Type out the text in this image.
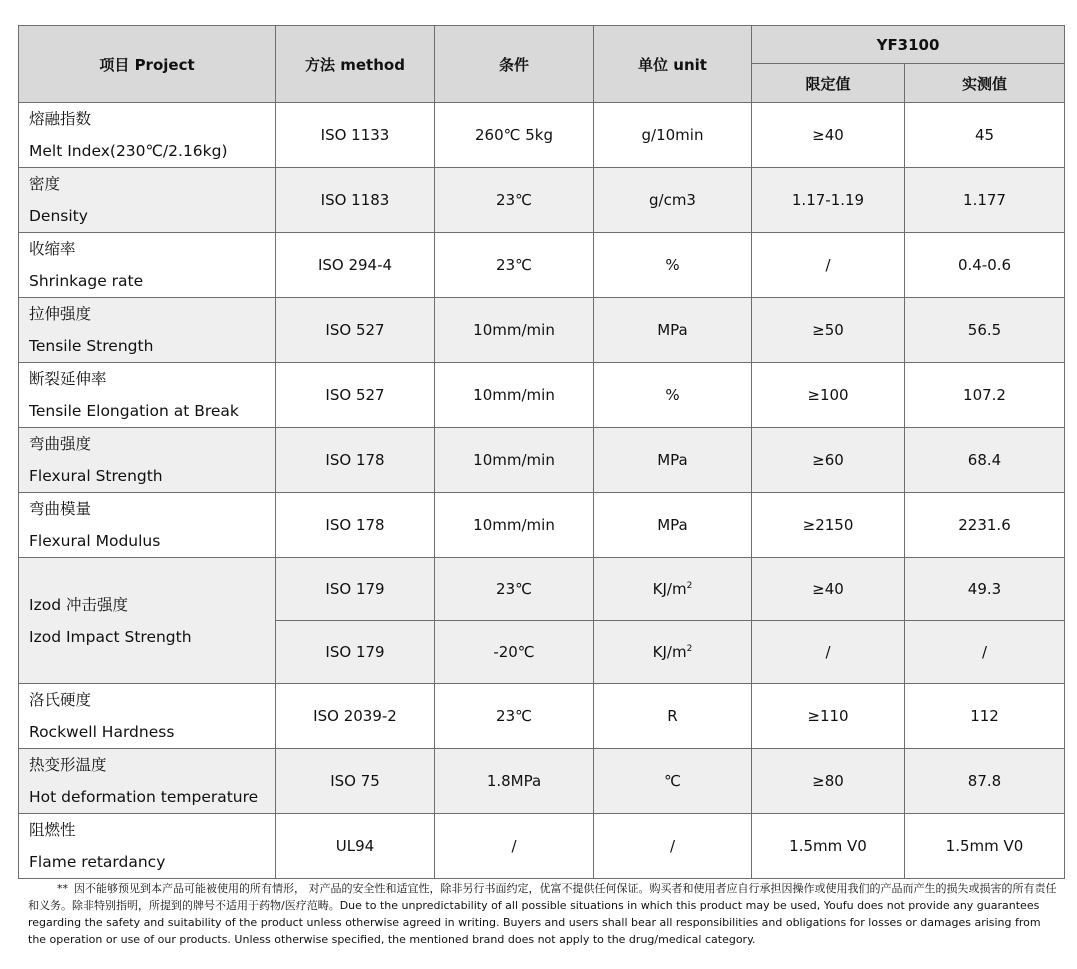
项目 Project	方法 method	条件	单位 unit	YF3100	
				限定值	实测值

熔融指数
Melt Index(230℃/2.16kg)	ISO 1133	260℃ 5kg	g/10min	≥40	45

密度
Density	ISO 1183	23℃	g/cm3	1.17-1.19	1.177

收缩率
Shrinkage rate	ISO 294-4	23℃	%	/	0.4-0.6

拉伸强度
Tensile Strength	ISO 527	10mm/min	MPa	≥50	56.5

断裂延伸率
Tensile Elongation at Break	ISO 527	10mm/min	%	≥100	107.2

弯曲强度
Flexural Strength	ISO 178	10mm/min	MPa	≥60	68.4

弯曲模量
Flexural Modulus	ISO 178	10mm/min	MPa	≥2150	2231.6

Izod 冲击强度
Izod Impact Strength	ISO 179	23℃	$KJ/m^2$	≥40	49.3
	ISO 179	-20℃	$KJ/m^2$	/	/

洛氏硬度
Rockwell Hardness	ISO 2039-2	23℃	R	≥110	112

热变形温度
Hot deformation temperature	ISO 75	1.8MPa	℃	≥80	87.8

阻燃性
Flame retardancy	UL94	/	/	1.5mm V0	1.5mm V0
** 因不能够预见到本产品可能被使用的所有情形， 对产品的安全性和适宜性，除非另行书面约定，优富不提供任何保证。购买者和使用者应自行承担因操作或使用我们的产品而产生的损失或损害的所有责任和义务。除非特别指明，所提到的牌号不适用于药物/医疗范畴。Due to the unpredictability of all possible situations in which this product may be used, Youfu does not provide any guarantees regarding the safety and suitability of the product unless otherwise agreed in writing. Buyers and users shall bear all responsibilities and obligations for losses or damages arising from the operation or use of our products. Unless otherwise specified, the mentioned brand does not apply to the drug/medical category.
